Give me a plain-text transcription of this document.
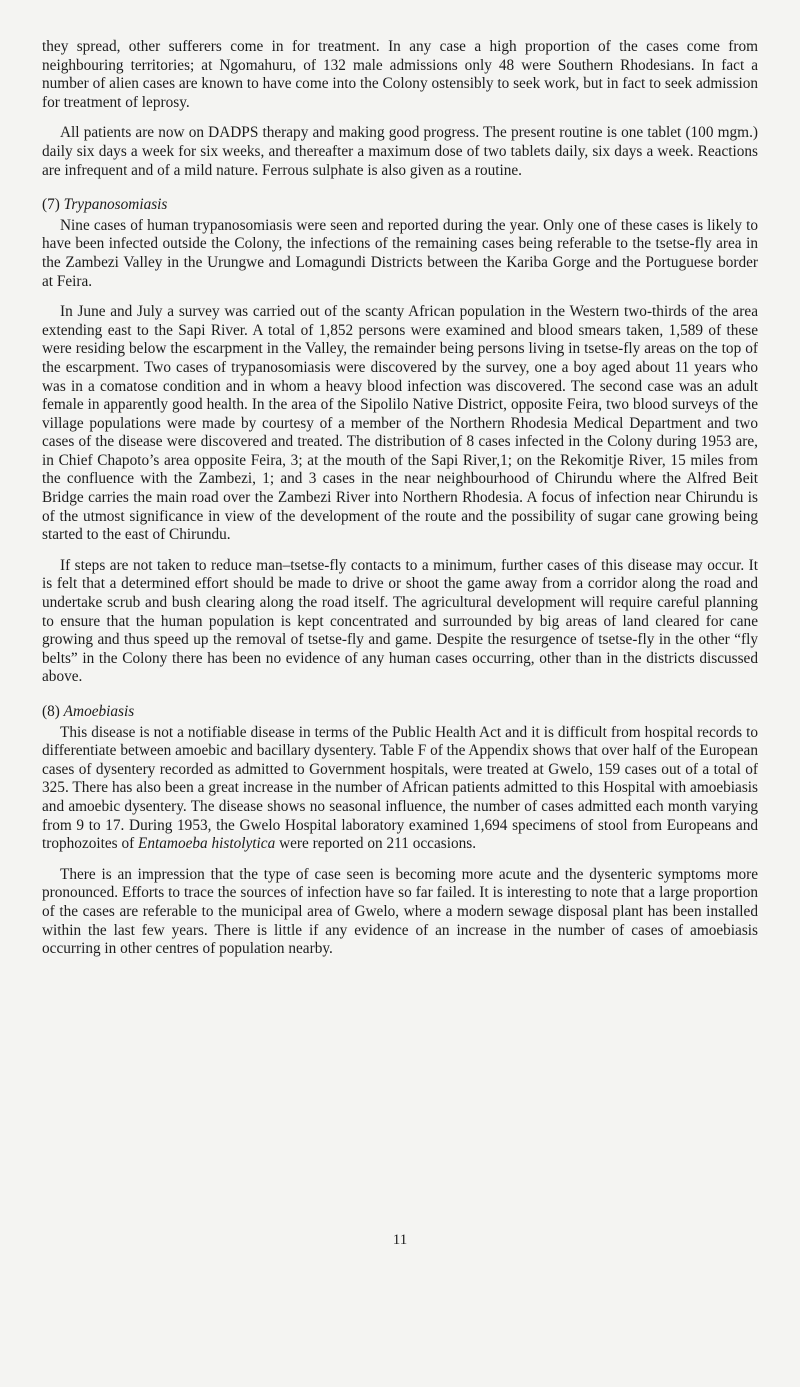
they spread, other sufferers come in for treatment. In any case a high proportion of the cases come from neighbouring territories; at Ngomahuru, of 132 male admissions only 48 were Southern Rhodesians. In fact a number of alien cases are known to have come into the Colony ostensibly to seek work, but in fact to seek admission for treatment of leprosy.

All patients are now on DADPS therapy and making good progress. The present routine is one tablet (100 mgm.) daily six days a week for six weeks, and thereafter a maximum dose of two tablets daily, six days a week. Reactions are infrequent and of a mild nature. Ferrous sulphate is also given as a routine.

(7) Trypanosomiasis

Nine cases of human trypanosomiasis were seen and reported during the year. Only one of these cases is likely to have been infected outside the Colony, the infections of the remaining cases being referable to the tsetse-fly area in the Zambezi Valley in the Urungwe and Lomagundi Districts between the Kariba Gorge and the Portuguese border at Feira.

In June and July a survey was carried out of the scanty African population in the Western two-thirds of the area extending east to the Sapi River. A total of 1,852 persons were examined and blood smears taken, 1,589 of these were residing below the escarpment in the Valley, the remainder being persons living in tsetse-fly areas on the top of the escarpment. Two cases of trypanosomiasis were discovered by the survey, one a boy aged about 11 years who was in a comatose condition and in whom a heavy blood infection was discovered. The second case was an adult female in apparently good health. In the area of the Sipolilo Native District, opposite Feira, two blood surveys of the village populations were made by courtesy of a member of the Northern Rhodesia Medical Department and two cases of the disease were discovered and treated. The distribution of 8 cases infected in the Colony during 1953 are, in Chief Chapoto’s area opposite Feira, 3; at the mouth of the Sapi River,1; on the Rekomitje River, 15 miles from the confluence with the Zambezi, 1; and 3 cases in the near neighbourhood of Chirundu where the Alfred Beit Bridge carries the main road over the Zambezi River into Northern Rhodesia. A focus of infection near Chirundu is of the utmost significance in view of the development of the route and the possibility of sugar cane growing being started to the east of Chirundu.

If steps are not taken to reduce man–tsetse-fly contacts to a minimum, further cases of this disease may occur. It is felt that a determined effort should be made to drive or shoot the game away from a corridor along the road and undertake scrub and bush clearing along the road itself. The agricultural development will require careful planning to ensure that the human population is kept concentrated and surrounded by big areas of land cleared for cane growing and thus speed up the removal of tsetse-fly and game. Despite the resurgence of tsetse-fly in the other “fly belts” in the Colony there has been no evidence of any human cases occurring, other than in the districts discussed above.

(8) Amoebiasis

This disease is not a notifiable disease in terms of the Public Health Act and it is difficult from hospital records to differentiate between amoebic and bacillary dysentery. Table F of the Appendix shows that over half of the European cases of dysentery recorded as admitted to Government hospitals, were treated at Gwelo, 159 cases out of a total of 325. There has also been a great increase in the number of African patients admitted to this Hospital with amoebiasis and amoebic dysentery. The disease shows no seasonal influence, the number of cases admitted each month varying from 9 to 17. During 1953, the Gwelo Hospital laboratory examined 1,694 specimens of stool from Europeans and trophozoites of Entamoeba histolytica were reported on 211 occasions.

There is an impression that the type of case seen is becoming more acute and the dysenteric symptoms more pronounced. Efforts to trace the sources of infection have so far failed. It is interesting to note that a large proportion of the cases are referable to the municipal area of Gwelo, where a modern sewage disposal plant has been installed within the last few years. There is little if any evidence of an increase in the number of cases of amoebiasis occurring in other centres of population nearby.

11
